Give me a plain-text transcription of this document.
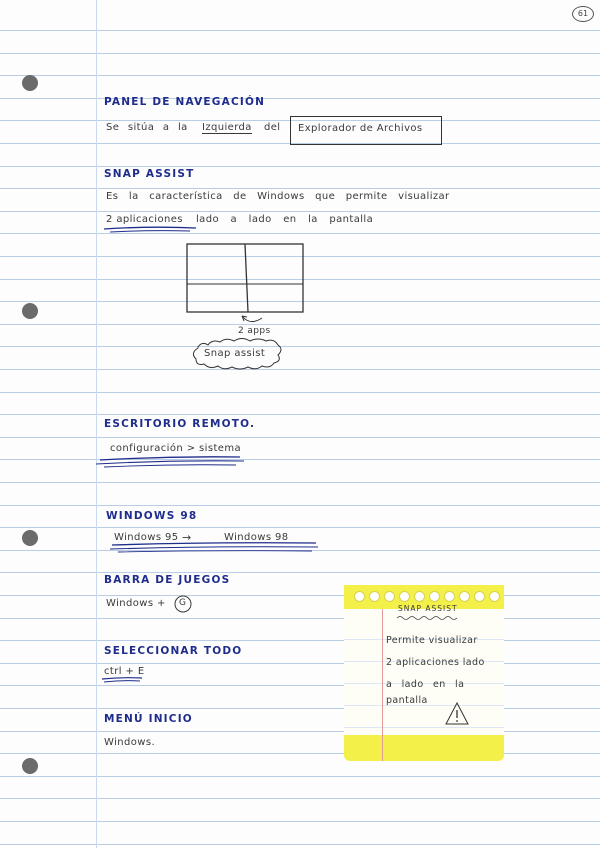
61
PANEL DE NAVEGACIÓN
Se sitúa a la Izquierda del Explorador de Archivos
SNAP ASSIST
Es la característica de Windows que permite visualizar
2 aplicaciones lado a lado en la pantalla
2 apps
Snap assist
ESCRITORIO REMOTO.
configuración > sistema
WINDOWS 98
Windows 95 →	Windows 98
BARRA DE JUEGOS
Windows + G
SELECCIONAR TODO
ctrl + E
MENÚ INICIO
Windows.
SNAP ASSIST
Permite visualizar
2 aplicaciones lado
a lado en la
pantalla
